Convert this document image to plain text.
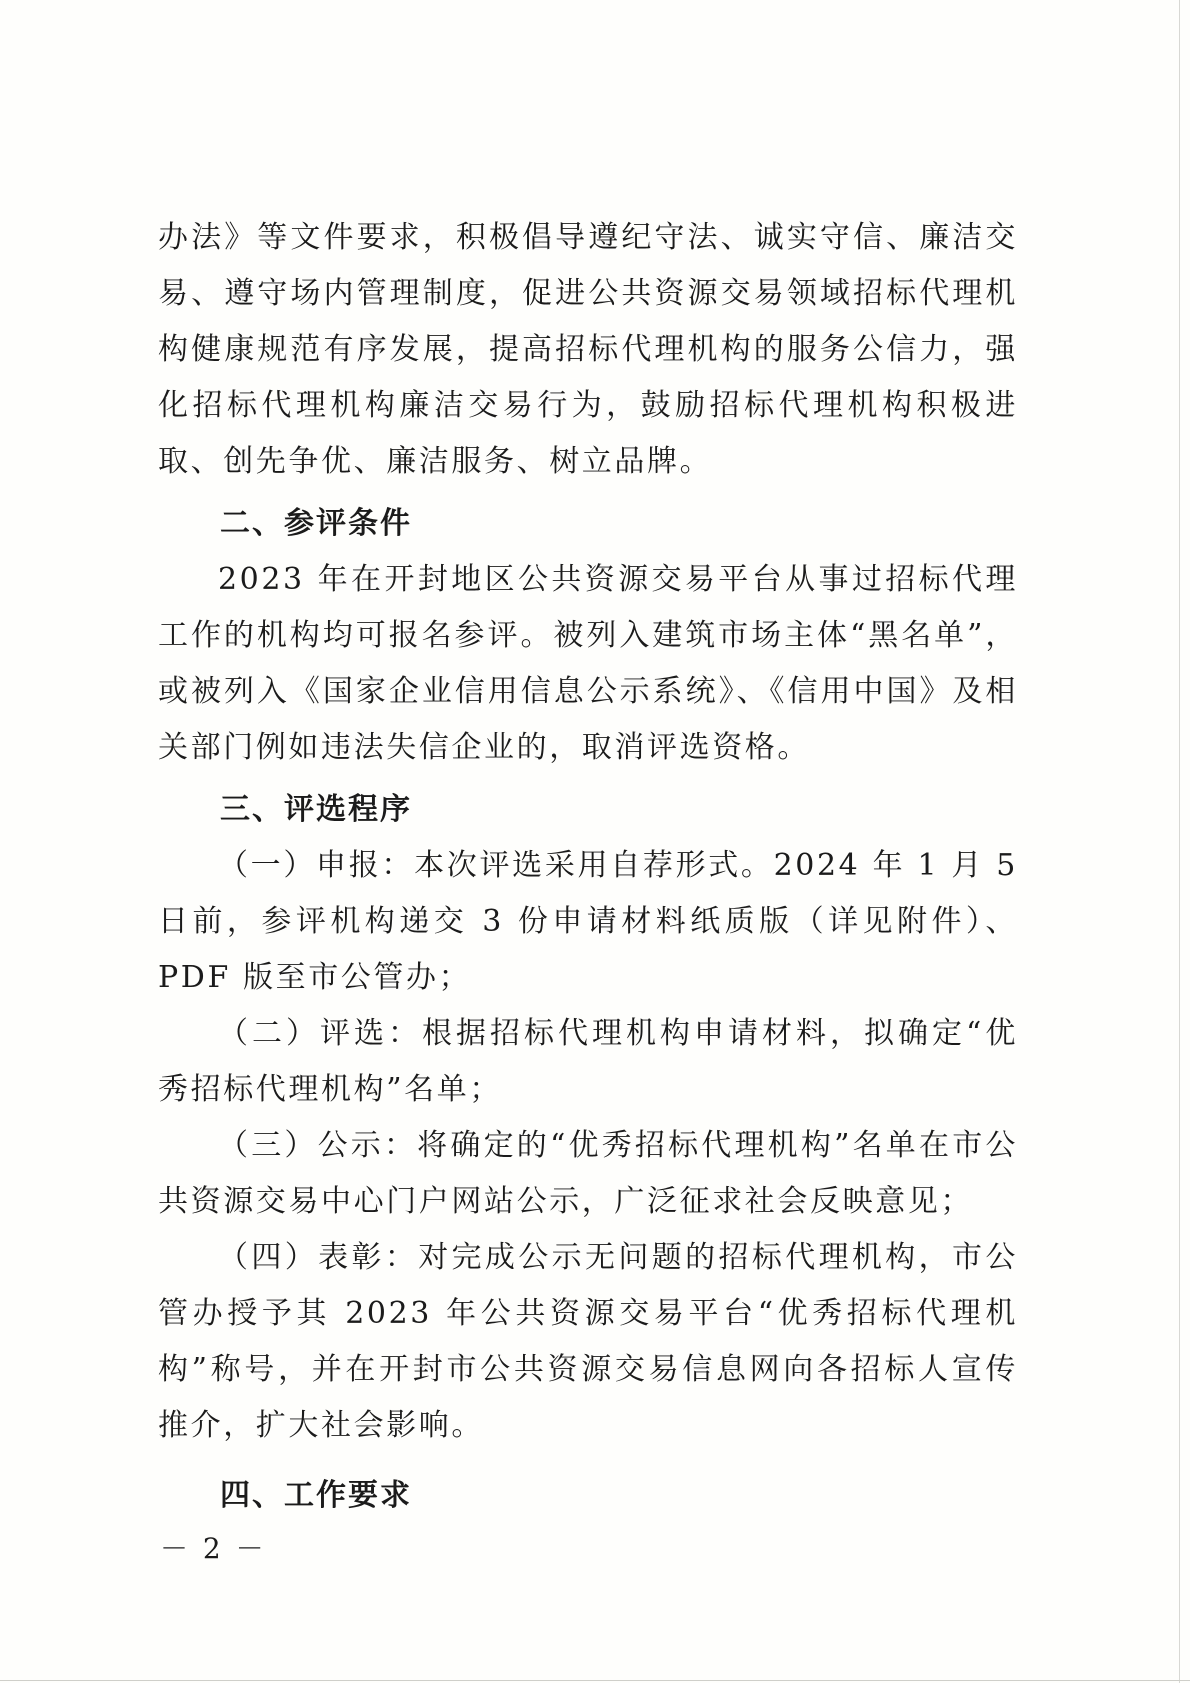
办法》等文件要求，积极倡导遵纪守法、诚实守信、廉洁交易、遵守场内管理制度，促进公共资源交易领域招标代理机构健康规范有序发展，提高招标代理机构的服务公信力，强化招标代理机构廉洁交易行为，鼓励招标代理机构积极进取、创先争优、廉洁服务、树立品牌。

二、参评条件

2023 年在开封地区公共资源交易平台从事过招标代理工作的机构均可报名参评。被列入建筑市场主体“黑名单”，或被列入《国家企业信用信息公示系统》、《信用中国》及相关部门例如违法失信企业的，取消评选资格。

三、评选程序

（一）申报：本次评选采用自荐形式。2024 年 1 月 5 日前，参评机构递交 3 份申请材料纸质版（详见附件）、PDF 版至市公管办；

（二）评选：根据招标代理机构申请材料，拟确定“优秀招标代理机构”名单；

（三）公示：将确定的“优秀招标代理机构”名单在市公共资源交易中心门户网站公示，广泛征求社会反映意见；

（四）表彰：对完成公示无问题的招标代理机构，市公管办授予其 2023 年公共资源交易平台“优秀招标代理机构”称号，并在开封市公共资源交易信息网向各招标人宣传推介，扩大社会影响。

四、工作要求

－ 2 －
